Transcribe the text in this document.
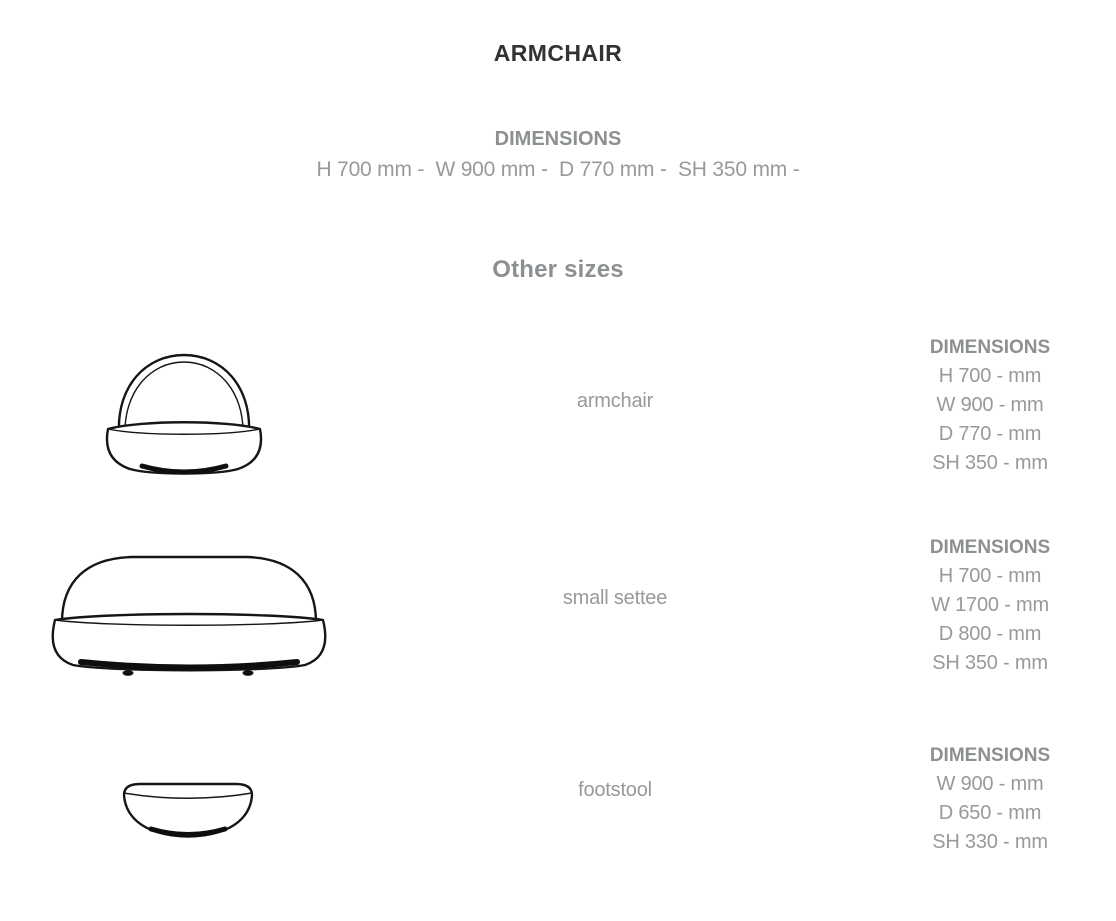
ARMCHAIR
DIMENSIONS
H 700 mm -  W 900 mm -  D 770 mm -  SH 350 mm -
Other sizes
armchair
DIMENSIONS
H 700 - mm
W 900 - mm
D 770 - mm
SH 350 - mm
small settee
DIMENSIONS
H 700 - mm
W 1700 - mm
D 800 - mm
SH 350 - mm
footstool
DIMENSIONS
W 900 - mm
D 650 - mm
SH 330 - mm
